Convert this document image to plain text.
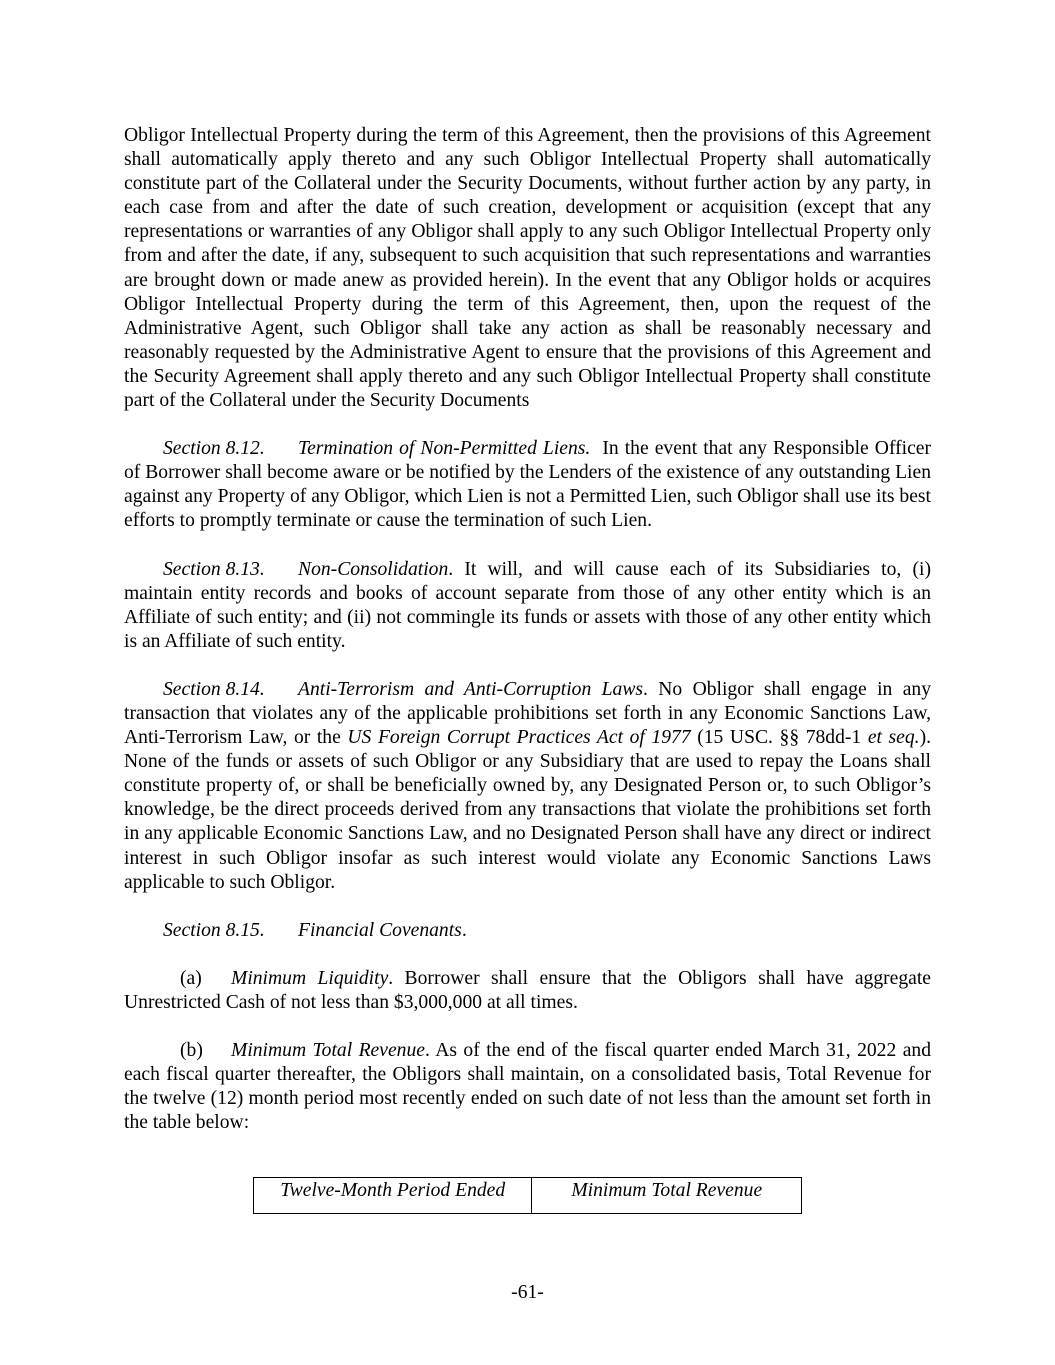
Obligor Intellectual Property during the term of this Agreement, then the provisions of this Agreement shall automatically apply thereto and any such Obligor Intellectual Property shall automatically constitute part of the Collateral under the Security Documents, without further action by any party, in each case from and after the date of such creation, development or acquisition (except that any representations or warranties of any Obligor shall apply to any such Obligor Intellectual Property only from and after the date, if any, subsequent to such acquisition that such representations and warranties are brought down or made anew as provided herein). In the event that any Obligor holds or acquires Obligor Intellectual Property during the term of this Agreement, then, upon the request of the Administrative Agent, such Obligor shall take any action as shall be reasonably necessary and reasonably requested by the Administrative Agent to ensure that the provisions of this Agreement and the Security Agreement shall apply thereto and any such Obligor Intellectual Property shall constitute part of the Collateral under the Security Documents

Section 8.12. Termination of Non-Permitted Liens. In the event that any Responsible Officer of Borrower shall become aware or be notified by the Lenders of the existence of any outstanding Lien against any Property of any Obligor, which Lien is not a Permitted Lien, such Obligor shall use its best efforts to promptly terminate or cause the termination of such Lien.

Section 8.13. Non-Consolidation. It will, and will cause each of its Subsidiaries to, (i) maintain entity records and books of account separate from those of any other entity which is an Affiliate of such entity; and (ii) not commingle its funds or assets with those of any other entity which is an Affiliate of such entity.

Section 8.14. Anti-Terrorism and Anti-Corruption Laws. No Obligor shall engage in any transaction that violates any of the applicable prohibitions set forth in any Economic Sanctions Law, Anti-Terrorism Law, or the US Foreign Corrupt Practices Act of 1977 (15 USC. §§ 78dd-1 et seq.). None of the funds or assets of such Obligor or any Subsidiary that are used to repay the Loans shall constitute property of, or shall be beneficially owned by, any Designated Person or, to such Obligor’s knowledge, be the direct proceeds derived from any transactions that violate the prohibitions set forth in any applicable Economic Sanctions Law, and no Designated Person shall have any direct or indirect interest in such Obligor insofar as such interest would violate any Economic Sanctions Laws applicable to such Obligor.

Section 8.15. Financial Covenants.

(a) Minimum Liquidity. Borrower shall ensure that the Obligors shall have aggregate Unrestricted Cash of not less than $3,000,000 at all times.

(b) Minimum Total Revenue. As of the end of the fiscal quarter ended March 31, 2022 and each fiscal quarter thereafter, the Obligors shall maintain, on a consolidated basis, Total Revenue for the twelve (12) month period most recently ended on such date of not less than the amount set forth in the table below:

Twelve-Month Period Ended	Minimum Total Revenue
-61-
